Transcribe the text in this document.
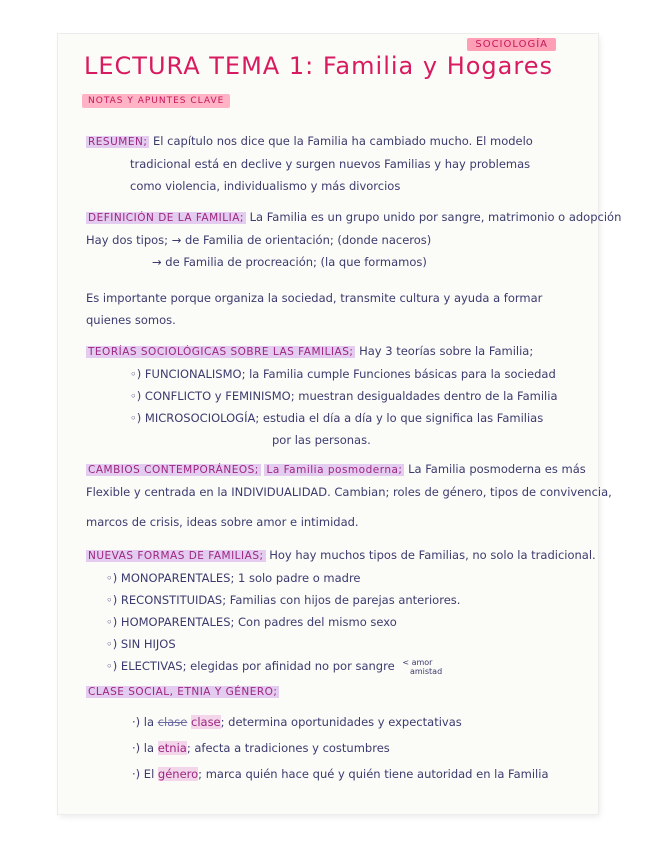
SOCIOLOGÍA
LECTURA TEMA 1: Familia y Hogares
NOTAS Y APUNTES CLAVE
RESUMEN; El capítulo nos dice que la Familia ha cambiado mucho. El modelo
tradicional está en declive y surgen nuevos Familias y hay problemas
como violencia, individualismo y más divorcios
DEFINICIÓN DE LA FAMILIA; La Familia es un grupo unido por sangre, matrimonio o adopción
Hay dos tipos; → de Familia de orientación; (donde naceros)
→ de Familia de procreación; (la que formamos)
Es importante porque organiza la sociedad, transmite cultura y ayuda a formar
quienes somos.
TEORÍAS SOCIOLÓGICAS SOBRE LAS FAMILIAS; Hay 3 teorías sobre la Familia;
◦) FUNCIONALISMO; la Familia cumple Funciones básicas para la sociedad
◦) CONFLICTO y FEMINISMO; muestran desigualdades dentro de la Familia
◦) MICROSOCIOLOGÍA; estudia el día a día y lo que significa las Familias
por las personas.
CAMBIOS CONTEMPORÁNEOS; La Familia posmoderna; La Familia posmoderna es más
Flexible y centrada en la INDIVIDUALIDAD. Cambian; roles de género, tipos de convivencia,
marcos de crisis, ideas sobre amor e intimidad.
NUEVAS FORMAS DE FAMILIAS; Hoy hay muchos tipos de Familias, no solo la tradicional.
◦) MONOPARENTALES; 1 solo padre o madre
◦) RECONSTITUIDAS; Familias con hijos de parejas anteriores.
◦) HOMOPARENTALES; Con padres del mismo sexo
◦) SIN HIJOS
◦) ELECTIVAS; elegidas por afinidad no por sangre < amor
amistad
CLASE SOCIAL, ETNIA Y GÉNERO;
·) la clase clase; determina oportunidades y expectativas
·) la etnia; afecta a tradiciones y costumbres
·) El género; marca quién hace qué y quién tiene autoridad en la Familia
